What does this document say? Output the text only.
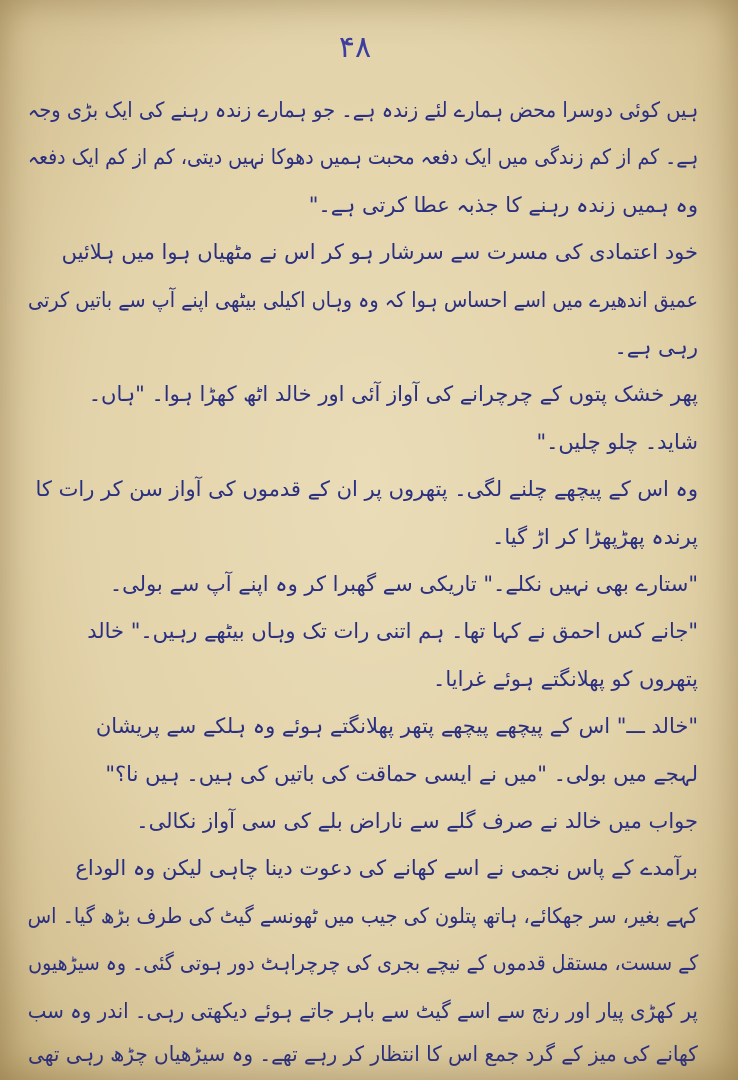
۴۸
ہیں کوئی دوسرا محض ہمارے لئے زندہ ہے۔ جو ہمارے زندہ رہنے کی ایک بڑی وجہ
ہے۔ کم از کم زندگی میں ایک دفعہ محبت ہمیں دھوکا نہیں دیتی، کم از کم ایک دفعہ
وہ ہمیں زندہ رہنے کا جذبہ عطا کرتی ہے۔"
خود اعتمادی کی مسرت سے سرشار ہو کر اس نے مٹھیاں ہوا میں ہلائیں
عمیق اندھیرے میں اسے احساس ہوا کہ وہ وہاں اکیلی بیٹھی اپنے آپ سے باتیں کرتی
رہی ہے۔
پھر خشک پتوں کے چرچرانے کی آواز آئی اور خالد اٹھ کھڑا ہوا۔ "ہاں۔
شاید۔ چلو چلیں۔"
وہ اس کے پیچھے چلنے لگی۔ پتھروں پر ان کے قدموں کی آواز سن کر رات کا
پرندہ پھڑپھڑا کر اڑ گیا۔
"ستارے بھی نہیں نکلے۔" تاریکی سے گھبرا کر وہ اپنے آپ سے بولی۔
"جانے کس احمق نے کہا تھا۔ ہم اتنی رات تک وہاں بیٹھے رہیں۔" خالد
پتھروں کو پھلانگتے ہوئے غرایا۔
"خالد ـــ" اس کے پیچھے پیچھے پتھر پھلانگتے ہوئے وہ ہلکے سے پریشان
لہجے میں بولی۔ "میں نے ایسی حماقت کی باتیں کی ہیں۔ ہیں نا؟"
جواب میں خالد نے صرف گلے سے ناراض بلے کی سی آواز نکالی۔
برآمدے کے پاس نجمی نے اسے کھانے کی دعوت دینا چاہی لیکن وہ الوداع
کہے بغیر، سر جھکائے، ہاتھ پتلون کی جیب میں ٹھونسے گیٹ کی طرف بڑھ گیا۔ اس
کے سست، مستقل قدموں کے نیچے بجری کی چرچراہٹ دور ہوتی گئی۔ وہ سیڑھیوں
پر کھڑی پیار اور رنج سے اسے گیٹ سے باہر جاتے ہوئے دیکھتی رہی۔ اندر وہ سب
کھانے کی میز کے گرد جمع اس کا انتظار کر رہے تھے۔ وہ سیڑھیاں چڑھ رہی تھی
